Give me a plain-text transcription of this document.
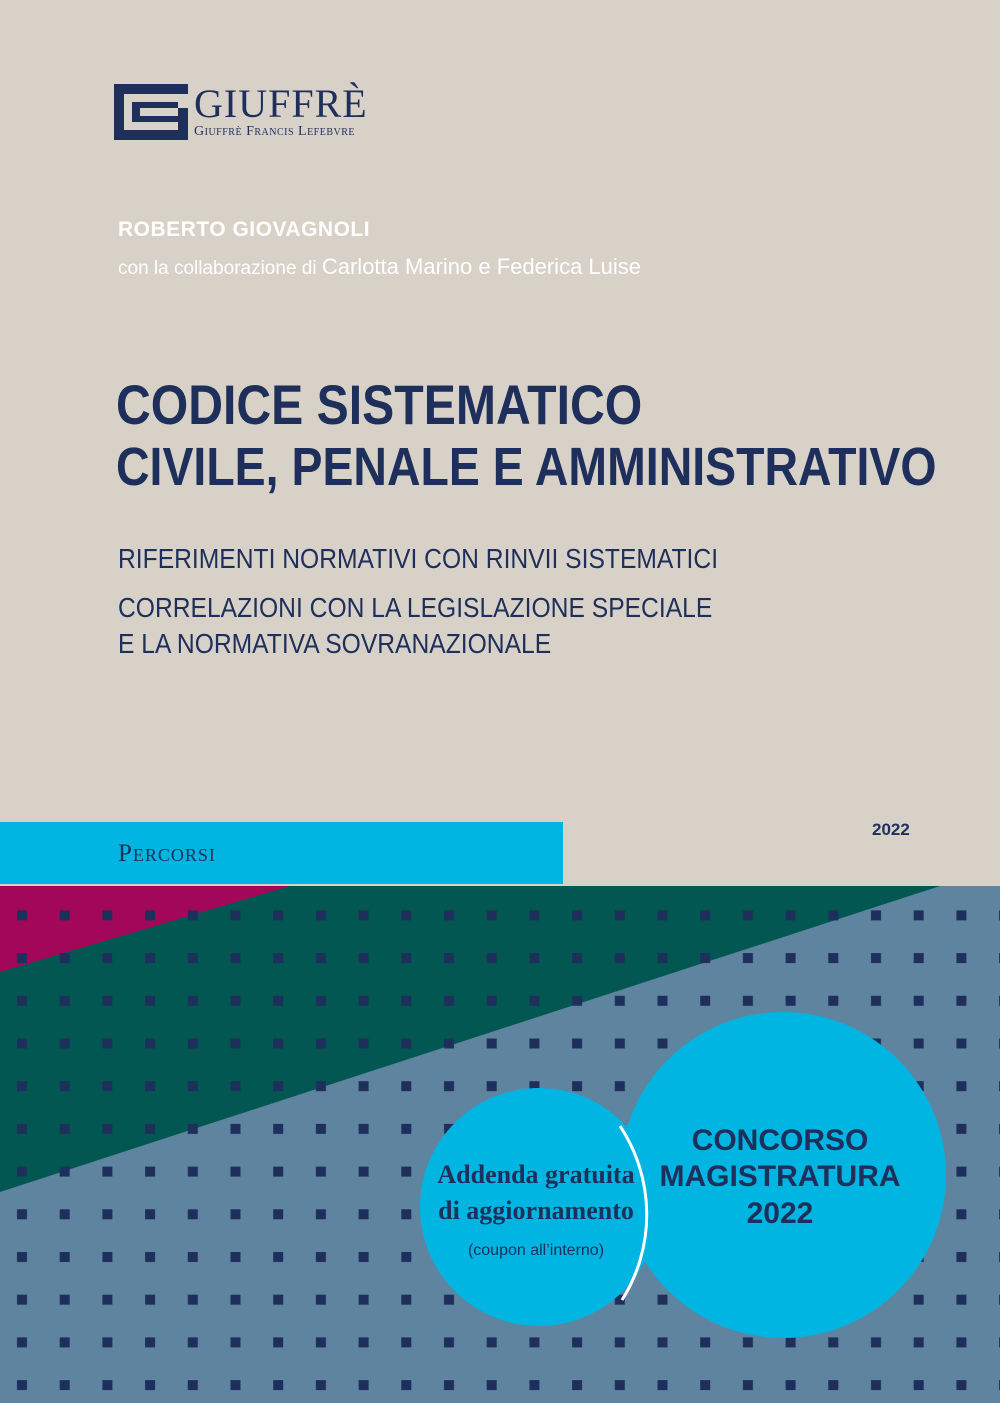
GIUFFRÈ
Giuffrè Francis Lefebvre
ROBERTO GIOVAGNOLI
con la collaborazione di Carlotta Marino e Federica Luise
CODICE SISTEMATICO
CIVILE, PENALE E AMMINISTRATIVO
RIFERIMENTI NORMATIVI CON RINVII SISTEMATICI
CORRELAZIONI CON LA LEGISLAZIONE SPECIALE
E LA NORMATIVA SOVRANAZIONALE
Percorsi
2022
Addenda gratuita
di aggiornamento
(coupon all’interno)
CONCORSO
MAGISTRATURA
2022
